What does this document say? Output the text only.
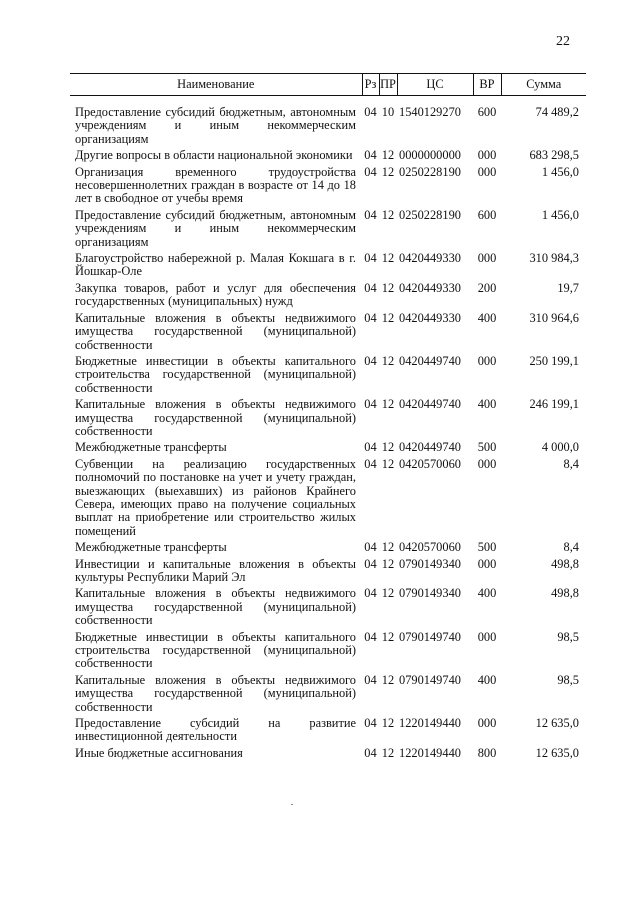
22
Наименование	Рз	ПР	ЦС	ВР	Сумма
Предоставление субсидий бюджетным, автономным учреждениям и иным некоммерческим организациям	04	10	1540129270	600	74 489,2
Другие вопросы в области национальной экономики	04	12	0000000000	000	683 298,5
Организация временного трудоустройства несовершеннолетних граждан в возрасте от 14 до 18 лет в свободное от учебы время	04	12	0250228190	000	1 456,0
Предоставление субсидий бюджетным, автономным учреждениям и иным некоммерческим организациям	04	12	0250228190	600	1 456,0
Благоустройство набережной р. Малая Кокшага в г. Йошкар-Оле	04	12	0420449330	000	310 984,3
Закупка товаров, работ и услуг для обеспечения государственных (муниципальных) нужд	04	12	0420449330	200	19,7
Капитальные вложения в объекты недвижимого имущества государственной (муниципальной) собственности	04	12	0420449330	400	310 964,6
Бюджетные инвестиции в объекты капитального строительства государственной (муниципальной) собственности	04	12	0420449740	000	250 199,1
Капитальные вложения в объекты недвижимого имущества государственной (муниципальной) собственности	04	12	0420449740	400	246 199,1
Межбюджетные трансферты	04	12	0420449740	500	4 000,0
Субвенции на реализацию государственных полномочий по постановке на учет и учету граждан, выезжающих (выехавших) из районов Крайнего Севера, имеющих право на получение социальных выплат на приобретение или строительство жилых помещений	04	12	0420570060	000	8,4
Межбюджетные трансферты	04	12	0420570060	500	8,4
Инвестиции и капитальные вложения в объекты культуры Республики Марий Эл	04	12	0790149340	000	498,8
Капитальные вложения в объекты недвижимого имущества государственной (муниципальной) собственности	04	12	0790149340	400	498,8
Бюджетные инвестиции в объекты капитального строительства государственной (муниципальной) собственности	04	12	0790149740	000	98,5
Капитальные вложения в объекты недвижимого имущества государственной (муниципальной) собственности	04	12	0790149740	400	98,5
Предоставление субсидий на развитие инвестиционной деятельности	04	12	1220149440	000	12 635,0
Иные бюджетные ассигнования	04	12	1220149440	800	12 635,0
